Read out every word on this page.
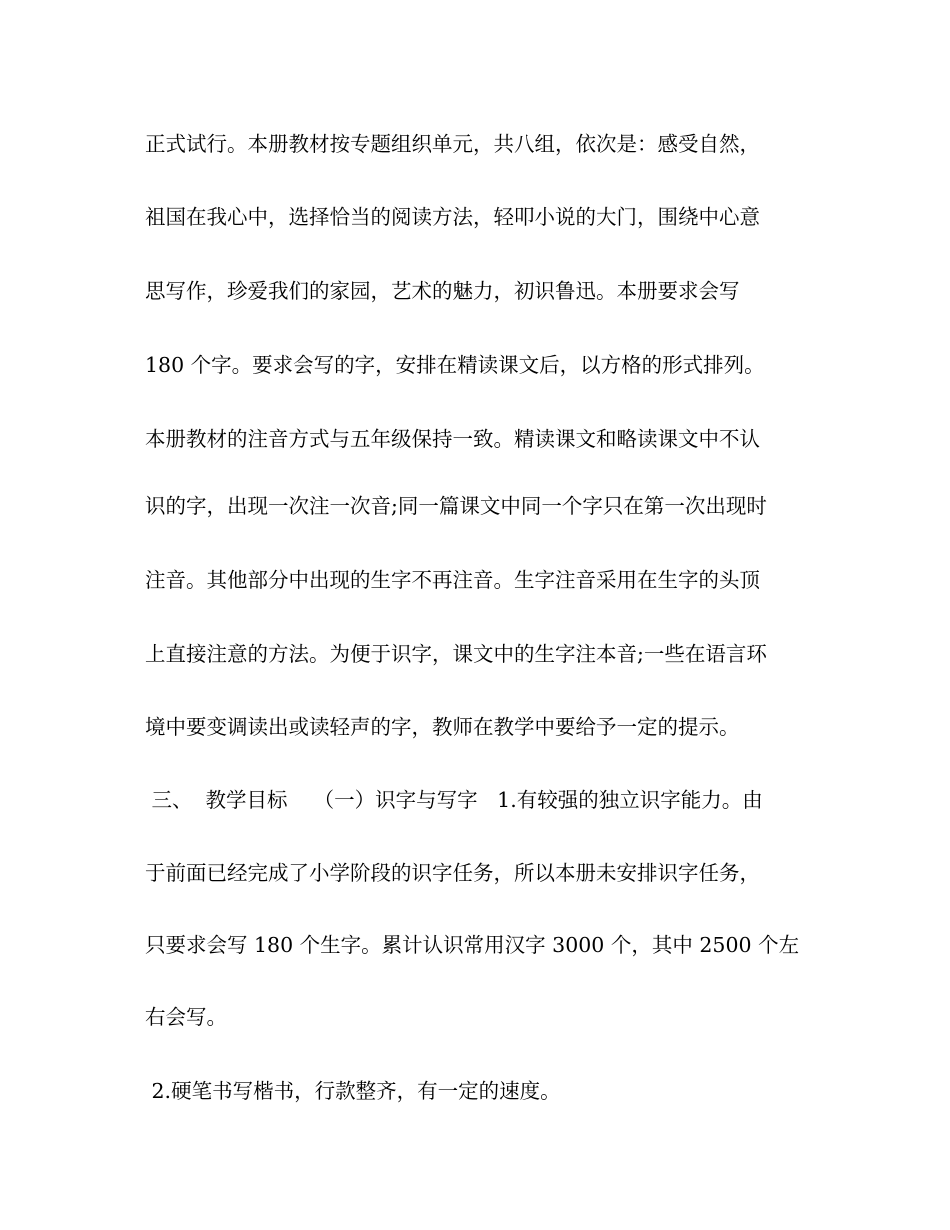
正式试行。本册教材按专题组织单元，共八组，依次是：感受自然，
祖国在我心中，选择恰当的阅读方法，轻叩小说的大门，围绕中心意
思写作，珍爱我们的家园，艺术的魅力，初识鲁迅。本册要求会写
180 个字。要求会写的字，安排在精读课文后，以方格的形式排列。
本册教材的注音方式与五年级保持一致。精读课文和略读课文中不认
识的字，出现一次注一次音;同一篇课文中同一个字只在第一次出现时
注音。其他部分中出现的生字不再注音。生字注音采用在生字的头顶
上直接注意的方法。为便于识字，课文中的生字注本音;一些在语言环
境中要变调读出或读轻声的字，教师在教学中要给予一定的提示。
三、  教学目标    （一）识字与写字   1.有较强的独立识字能力。由
于前面已经完成了小学阶段的识字任务，所以本册未安排识字任务，
只要求会写 180 个生字。累计认识常用汉字 3000 个，其中 2500 个左
右会写。
2.硬笔书写楷书，行款整齐，有一定的速度。
